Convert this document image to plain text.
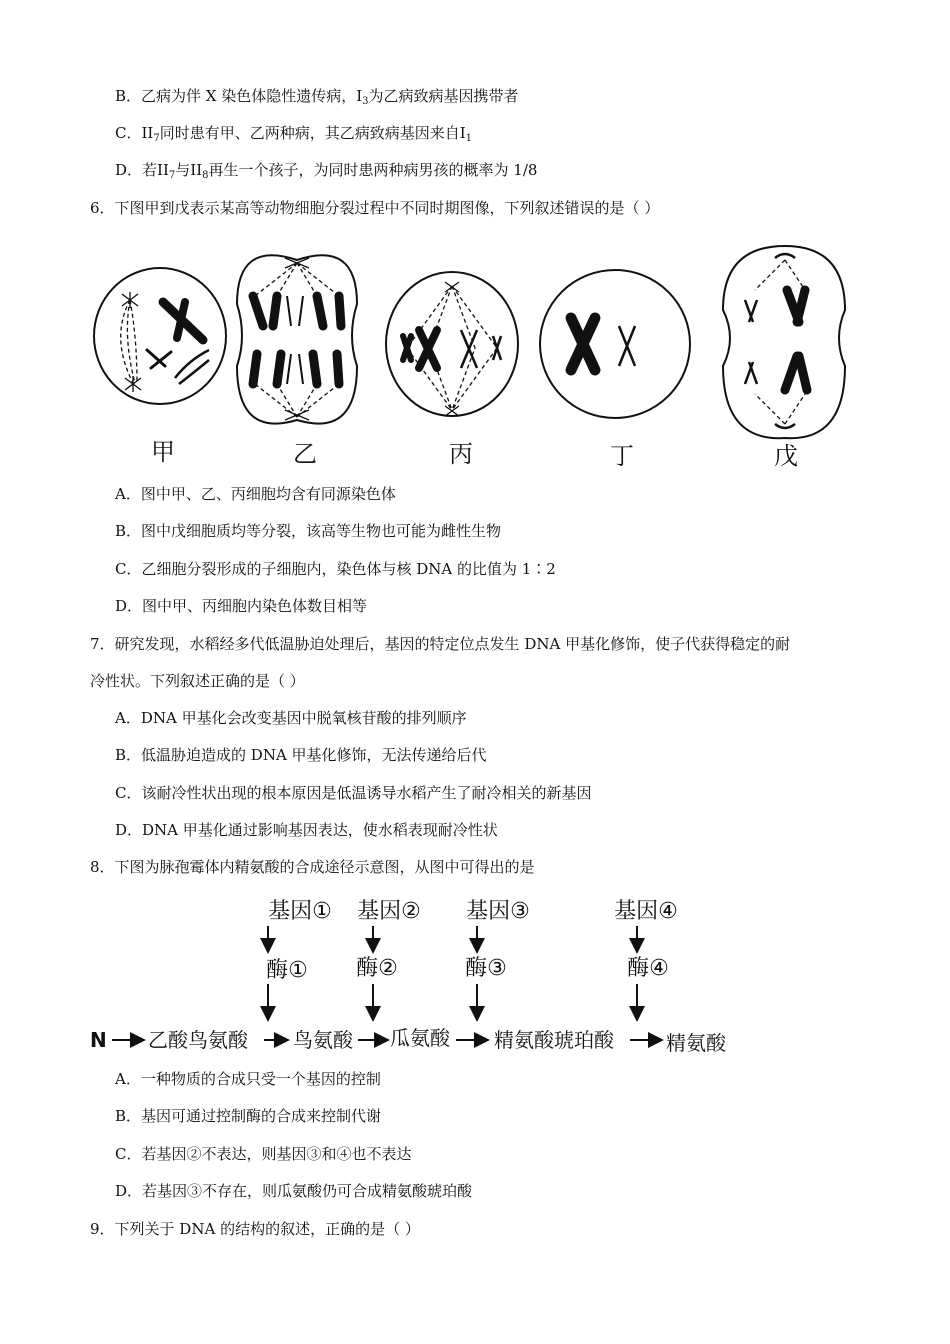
B．乙病为伴 X 染色体隐性遗传病，$I_3$为乙病致病基因携带者
C．$II_7$同时患有甲、乙两种病，其乙病致病基因来自$I_1$
D．若$II_7$与$II_8$再生一个孩子，为同时患两种病男孩的概率为 1/8
6．下图甲到戊表示某高等动物细胞分裂过程中不同时期图像，下列叙述错误的是（ ）
甲	乙	丙	丁	戊
A．图中甲、乙、丙细胞均含有同源染色体
B．图中戊细胞质均等分裂，该高等生物也可能为雌性生物
C．乙细胞分裂形成的子细胞内，染色体与核 DNA 的比值为 1∶2
D．图中甲、丙细胞内染色体数目相等
7．研究发现，水稻经多代低温胁迫处理后，基因的特定位点发生 DNA 甲基化修饰，使子代获得稳定的耐
冷性状。下列叙述正确的是（ ）
A．DNA 甲基化会改变基因中脱氧核苷酸的排列顺序
B．低温胁迫造成的 DNA 甲基化修饰，无法传递给后代
C．该耐冷性状出现的根本原因是低温诱导水稻产生了耐冷相关的新基因
D．DNA 甲基化通过影响基因表达，使水稻表现耐冷性状
8．下图为脉孢霉体内精氨酸的合成途径示意图，从图中可得出的是
基因① 基因② 基因③	基因④
酶① 酶②	酶③	酶④
N 乙酸鸟氨酸 鸟氨酸 瓜氨酸 精氨酸琥珀酸	精氨酸
A．一种物质的合成只受一个基因的控制
B．基因可通过控制酶的合成来控制代谢
C．若基因②不表达，则基因③和④也不表达
D．若基因③不存在，则瓜氨酸仍可合成精氨酸琥珀酸
9．下列关于 DNA 的结构的叙述，正确的是（ ）
